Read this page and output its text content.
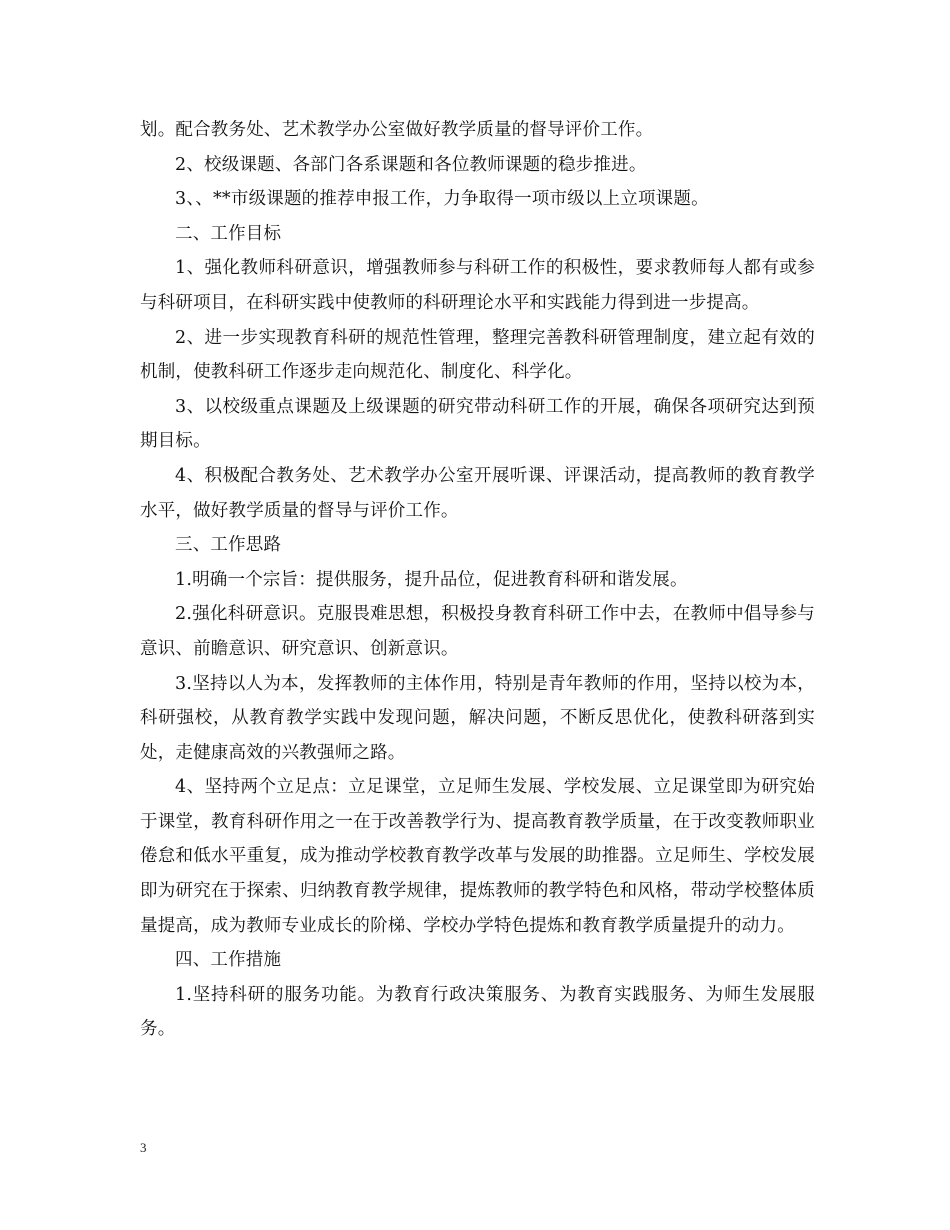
划。配合教务处、艺术教学办公室做好教学质量的督导评价工作。

2、校级课题、各部门各系课题和各位教师课题的稳步推进。

3、、**市级课题的推荐申报工作，力争取得一项市级以上立项课题。

二、工作目标

1、强化教师科研意识，增强教师参与科研工作的积极性，要求教师每人都有或参与科研项目，在科研实践中使教师的科研理论水平和实践能力得到进一步提高。

2、进一步实现教育科研的规范性管理，整理完善教科研管理制度，建立起有效的机制，使教科研工作逐步走向规范化、制度化、科学化。

3、以校级重点课题及上级课题的研究带动科研工作的开展，确保各项研究达到预期目标。

4、积极配合教务处、艺术教学办公室开展听课、评课活动，提高教师的教育教学水平，做好教学质量的督导与评价工作。

三、工作思路

1.明确一个宗旨：提供服务，提升品位，促进教育科研和谐发展。

2.强化科研意识。克服畏难思想，积极投身教育科研工作中去，在教师中倡导参与意识、前瞻意识、研究意识、创新意识。

3.坚持以人为本，发挥教师的主体作用，特别是青年教师的作用，坚持以校为本，科研强校，从教育教学实践中发现问题，解决问题，不断反思优化，使教科研落到实处，走健康高效的兴教强师之路。

4、坚持两个立足点：立足课堂，立足师生发展、学校发展、立足课堂即为研究始于课堂，教育科研作用之一在于改善教学行为、提高教育教学质量，在于改变教师职业倦怠和低水平重复，成为推动学校教育教学改革与发展的助推器。立足师生、学校发展即为研究在于探索、归纳教育教学规律，提炼教师的教学特色和风格，带动学校整体质量提高，成为教师专业成长的阶梯、学校办学特色提炼和教育教学质量提升的动力。

四、工作措施

1.坚持科研的服务功能。为教育行政决策服务、为教育实践服务、为师生发展服务。

3
